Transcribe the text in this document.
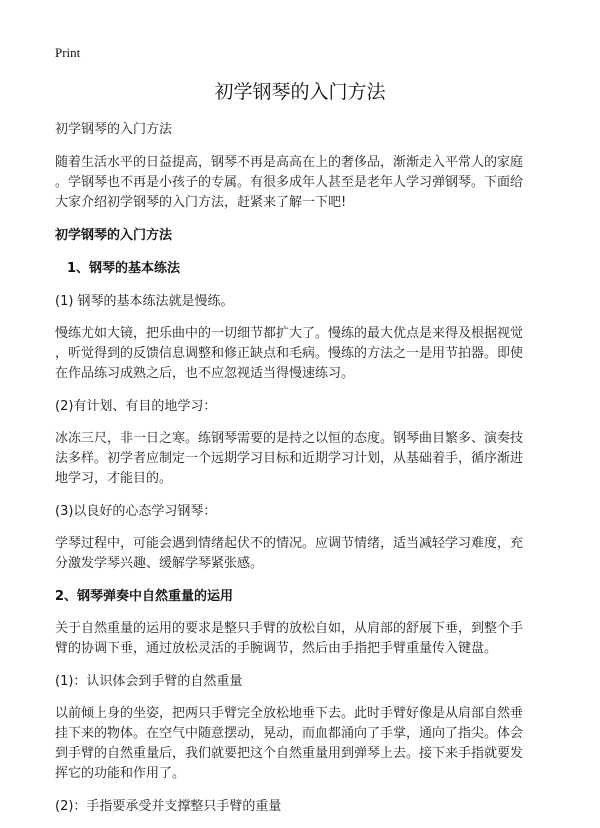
Print
初学钢琴的入门方法

初学钢琴的入门方法

随着生活水平的日益提高，钢琴不再是高高在上的奢侈品，渐渐走入平常人的家庭

。学钢琴也不再是小孩子的专属。有很多成年人甚至是老年人学习弹钢琴。下面给

大家介绍初学钢琴的入门方法，赶紧来了解一下吧!

初学钢琴的入门方法

1、钢琴的基本练法

(1) 钢琴的基本练法就是慢练。

慢练尤如大镜，把乐曲中的一切细节都扩大了。慢练的最大优点是来得及根据视觉

，听觉得到的反馈信息调整和修正缺点和毛病。慢练的方法之一是用节拍器。即使

在作品练习成熟之后，也不应忽视适当得慢速练习。

(2)有计划、有目的地学习：

冰冻三尺，非一日之寒。练钢琴需要的是持之以恒的态度。钢琴曲目繁多、演奏技

法多样。初学者应制定一个远期学习目标和近期学习计划，从基础着手，循序渐进

地学习，才能目的。

(3)以良好的心态学习钢琴：

学琴过程中，可能会遇到情绪起伏不的情况。应调节情绪，适当减轻学习难度，充

分激发学琴兴趣、缓解学琴紧张感。

2、钢琴弹奏中自然重量的运用

关于自然重量的运用的要求是整只手臂的放松自如，从肩部的舒展下垂，到整个手

臂的协调下垂，通过放松灵活的手腕调节，然后由手指把手臂重量传入键盘。

(1)：认识体会到手臂的自然重量

以前倾上身的坐姿，把两只手臂完全放松地垂下去。此时手臂好像是从肩部自然垂

挂下来的物体。在空气中随意摆动，晃动，而血都涌向了手掌，通向了指尖。体会

到手臂的自然重量后，我们就要把这个自然重量用到弹琴上去。接下来手指就要发

挥它的功能和作用了。

(2)：手指要承受并支撑整只手臂的重量
